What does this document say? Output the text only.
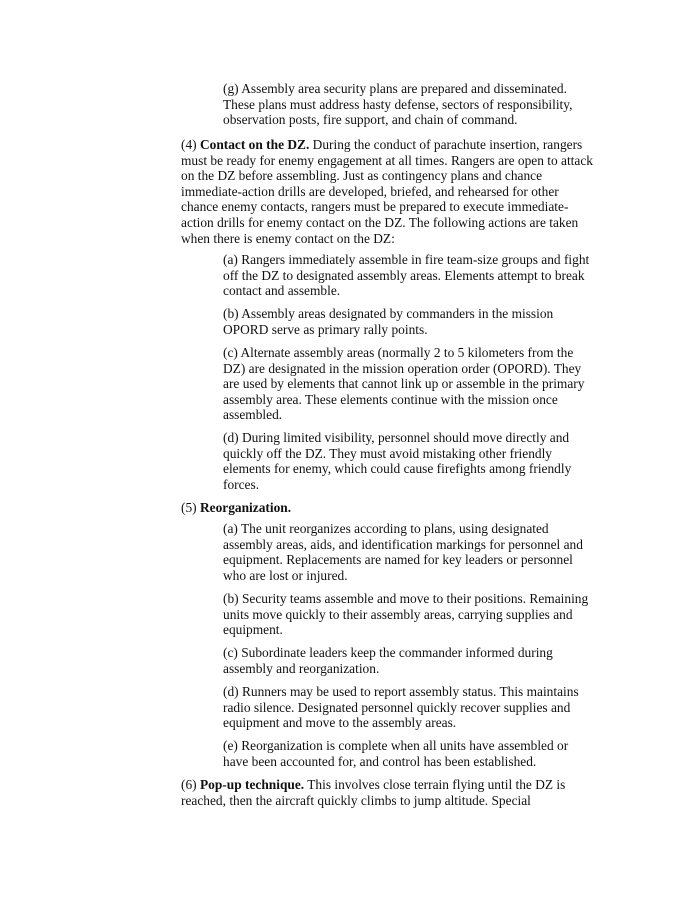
(g) Assembly area security plans are prepared and disseminated. These plans must address hasty defense, sectors of responsibility, observation posts, fire support, and chain of command.

(4) Contact on the DZ. During the conduct of parachute insertion, rangers must be ready for enemy engagement at all times. Rangers are open to attack on the DZ before assembling. Just as contingency plans and chance immediate-action drills are developed, briefed, and rehearsed for other chance enemy contacts, rangers must be prepared to execute immediate-action drills for enemy contact on the DZ. The following actions are taken when there is enemy contact on the DZ:

(a) Rangers immediately assemble in fire team-size groups and fight off the DZ to designated assembly areas. Elements attempt to break contact and assemble.

(b) Assembly areas designated by commanders in the mission OPORD serve as primary rally points.

(c) Alternate assembly areas (normally 2 to 5 kilometers from the DZ) are designated in the mission operation order (OPORD). They are used by elements that cannot link up or assemble in the primary assembly area. These elements continue with the mission once assembled.

(d) During limited visibility, personnel should move directly and quickly off the DZ. They must avoid mistaking other friendly elements for enemy, which could cause firefights among friendly forces.

(5) Reorganization.

(a) The unit reorganizes according to plans, using designated assembly areas, aids, and identification markings for personnel and equipment. Replacements are named for key leaders or personnel who are lost or injured.

(b) Security teams assemble and move to their positions. Remaining units move quickly to their assembly areas, carrying supplies and equipment.

(c) Subordinate leaders keep the commander informed during assembly and reorganization.

(d) Runners may be used to report assembly status. This maintains radio silence. Designated personnel quickly recover supplies and equipment and move to the assembly areas.

(e) Reorganization is complete when all units have assembled or have been accounted for, and control has been established.

(6) Pop-up technique. This involves close terrain flying until the DZ is reached, then the aircraft quickly climbs to jump altitude. Special
